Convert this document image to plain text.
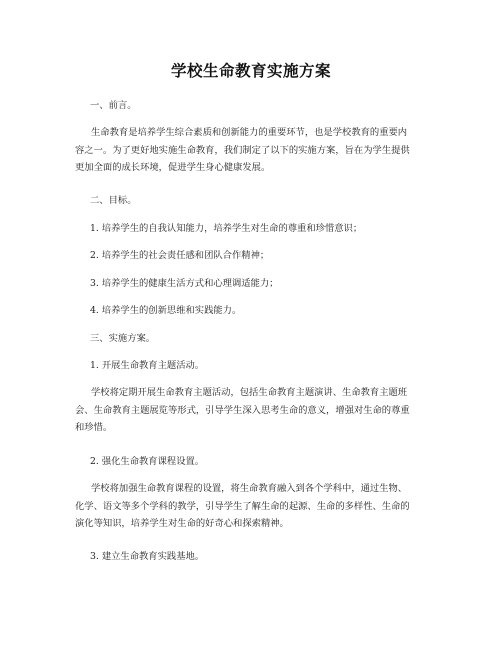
学校生命教育实施方案

一、前言。

生命教育是培养学生综合素质和创新能力的重要环节，也是学校教育的重要内
容之一。为了更好地实施生命教育，我们制定了以下的实施方案，旨在为学生提供
更加全面的成长环境，促进学生身心健康发展。

二、目标。

1. 培养学生的自我认知能力，培养学生对生命的尊重和珍惜意识；

2. 培养学生的社会责任感和团队合作精神；

3. 培养学生的健康生活方式和心理调适能力；

4. 培养学生的创新思维和实践能力。

三、实施方案。

1. 开展生命教育主题活动。

学校将定期开展生命教育主题活动，包括生命教育主题演讲、生命教育主题班
会、生命教育主题展览等形式，引导学生深入思考生命的意义，增强对生命的尊重
和珍惜。

2. 强化生命教育课程设置。

学校将加强生命教育课程的设置，将生命教育融入到各个学科中，通过生物、
化学、语文等多个学科的教学，引导学生了解生命的起源、生命的多样性、生命的
演化等知识，培养学生对生命的好奇心和探索精神。

3. 建立生命教育实践基地。
